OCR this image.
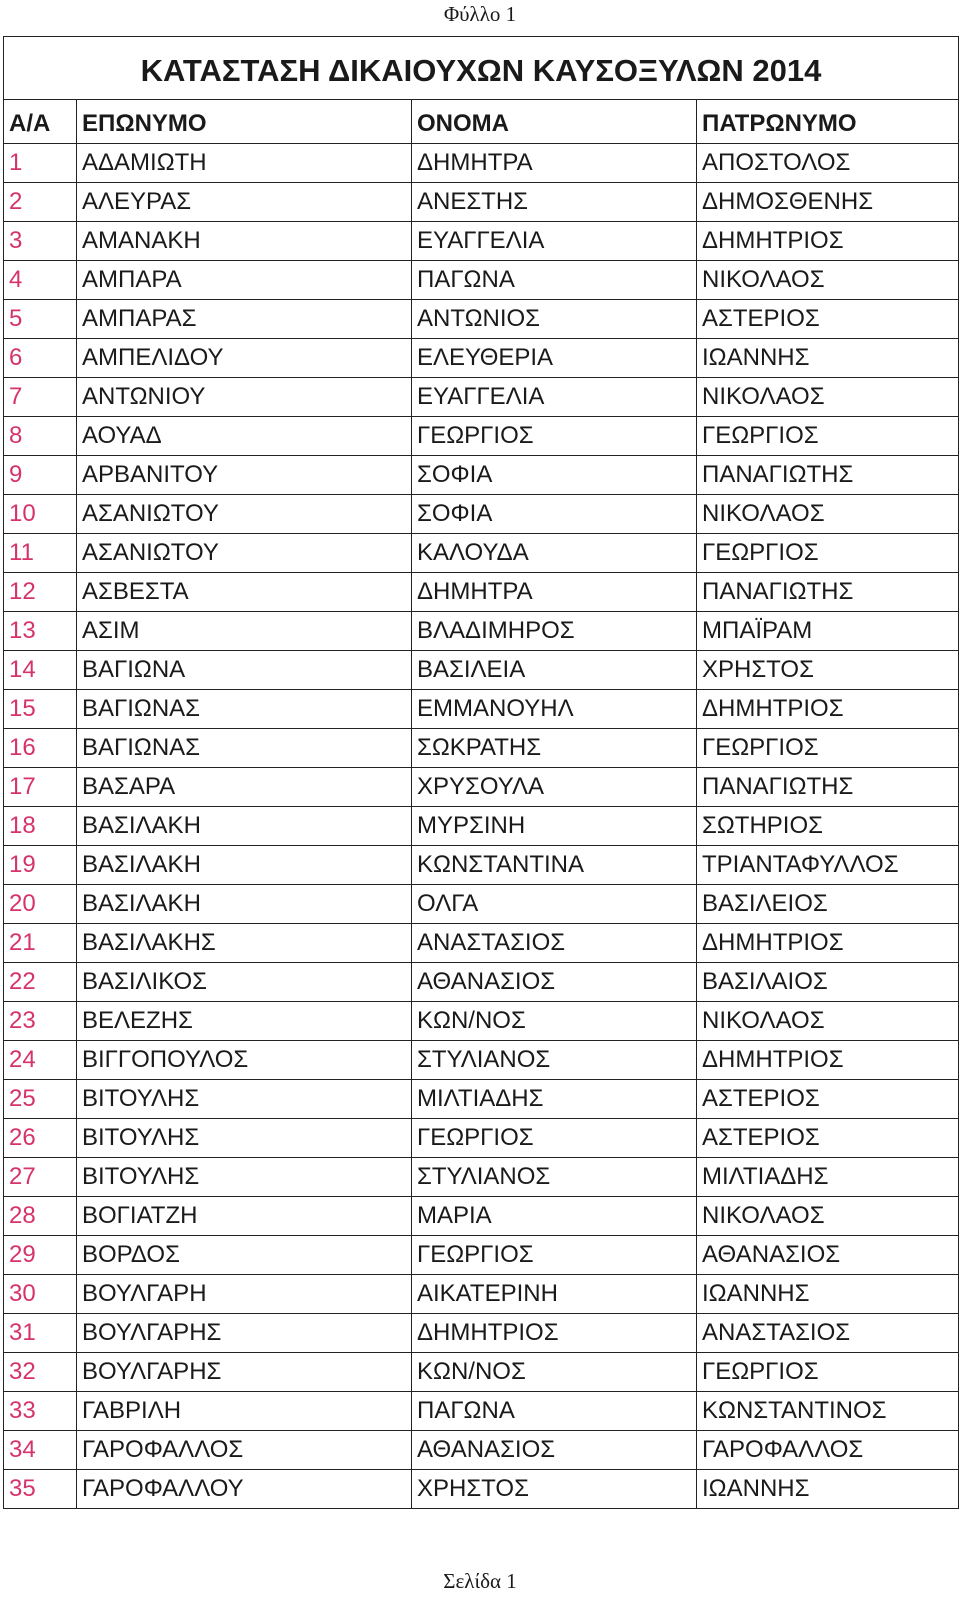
Φύλλο 1
ΚΑΤΑΣΤΑΣΗ ΔΙΚΑΙΟΥΧΩΝ ΚΑΥΣΟΞΥΛΩΝ 2014			
Α/Α	ΕΠΩΝΥΜΟ	ΟΝΟΜΑ	ΠΑΤΡΩΝΥΜΟ
1	ΑΔΑΜΙΩΤΗ	ΔΗΜΗΤΡΑ	ΑΠΟΣΤΟΛΟΣ
2	ΑΛΕΥΡΑΣ	ΑΝΕΣΤΗΣ	ΔΗΜΟΣΘΕΝΗΣ
3	ΑΜΑΝΑΚΗ	ΕΥΑΓΓΕΛΙΑ	ΔΗΜΗΤΡΙΟΣ
4	ΑΜΠΑΡΑ	ΠΑΓΩΝΑ	ΝΙΚΟΛΑΟΣ
5	ΑΜΠΑΡΑΣ	ΑΝΤΩΝΙΟΣ	ΑΣΤΕΡΙΟΣ
6	ΑΜΠΕΛΙΔΟΥ	ΕΛΕΥΘΕΡΙΑ	ΙΩΑΝΝΗΣ
7	ΑΝΤΩΝΙΟΥ	ΕΥΑΓΓΕΛΙΑ	ΝΙΚΟΛΑΟΣ
8	ΑΟΥΑΔ	ΓΕΩΡΓΙΟΣ	ΓΕΩΡΓΙΟΣ
9	ΑΡΒΑΝΙΤΟΥ	ΣΟΦΙΑ	ΠΑΝΑΓΙΩΤΗΣ
10	ΑΣΑΝΙΩΤΟΥ	ΣΟΦΙΑ	ΝΙΚΟΛΑΟΣ
11	ΑΣΑΝΙΩΤΟΥ	ΚΑΛΟΥΔΑ	ΓΕΩΡΓΙΟΣ
12	ΑΣΒΕΣΤΑ	ΔΗΜΗΤΡΑ	ΠΑΝΑΓΙΩΤΗΣ
13	ΑΣΙΜ	ΒΛΑΔΙΜΗΡΟΣ	ΜΠΑΪΡΑΜ
14	ΒΑΓΙΩΝΑ	ΒΑΣΙΛΕΙΑ	ΧΡΗΣΤΟΣ
15	ΒΑΓΙΩΝΑΣ	ΕΜΜΑΝΟΥΗΛ	ΔΗΜΗΤΡΙΟΣ
16	ΒΑΓΙΩΝΑΣ	ΣΩΚΡΑΤΗΣ	ΓΕΩΡΓΙΟΣ
17	ΒΑΣΑΡΑ	ΧΡΥΣΟΥΛΑ	ΠΑΝΑΓΙΩΤΗΣ
18	ΒΑΣΙΛΑΚΗ	ΜΥΡΣΙΝΗ	ΣΩΤΗΡΙΟΣ
19	ΒΑΣΙΛΑΚΗ	ΚΩΝΣΤΑΝΤΙΝΑ	ΤΡΙΑΝΤΑΦΥΛΛΟΣ
20	ΒΑΣΙΛΑΚΗ	ΟΛΓΑ	ΒΑΣΙΛΕΙΟΣ
21	ΒΑΣΙΛΑΚΗΣ	ΑΝΑΣΤΑΣΙΟΣ	ΔΗΜΗΤΡΙΟΣ
22	ΒΑΣΙΛΙΚΟΣ	ΑΘΑΝΑΣΙΟΣ	ΒΑΣΙΛΑΙΟΣ
23	ΒΕΛΕΖΗΣ	ΚΩΝ/ΝΟΣ	ΝΙΚΟΛΑΟΣ
24	ΒΙΓΓΟΠΟΥΛΟΣ	ΣΤΥΛΙΑΝΟΣ	ΔΗΜΗΤΡΙΟΣ
25	ΒΙΤΟΥΛΗΣ	ΜΙΛΤΙΑΔΗΣ	ΑΣΤΕΡΙΟΣ
26	ΒΙΤΟΥΛΗΣ	ΓΕΩΡΓΙΟΣ	ΑΣΤΕΡΙΟΣ
27	ΒΙΤΟΥΛΗΣ	ΣΤΥΛΙΑΝΟΣ	ΜΙΛΤΙΑΔΗΣ
28	ΒΟΓΙΑΤΖΗ	ΜΑΡΙΑ	ΝΙΚΟΛΑΟΣ
29	ΒΟΡΔΟΣ	ΓΕΩΡΓΙΟΣ	ΑΘΑΝΑΣΙΟΣ
30	ΒΟΥΛΓΑΡΗ	ΑΙΚΑΤΕΡΙΝΗ	ΙΩΑΝΝΗΣ
31	ΒΟΥΛΓΑΡΗΣ	ΔΗΜΗΤΡΙΟΣ	ΑΝΑΣΤΑΣΙΟΣ
32	ΒΟΥΛΓΑΡΗΣ	ΚΩΝ/ΝΟΣ	ΓΕΩΡΓΙΟΣ
33	ΓΑΒΡΙΛΗ	ΠΑΓΩΝΑ	ΚΩΝΣΤΑΝΤΙΝΟΣ
34	ΓΑΡΟΦΑΛΛΟΣ	ΑΘΑΝΑΣΙΟΣ	ΓΑΡΟΦΑΛΛΟΣ
35	ΓΑΡΟΦΑΛΛΟΥ	ΧΡΗΣΤΟΣ	ΙΩΑΝΝΗΣ
Σελίδα 1
